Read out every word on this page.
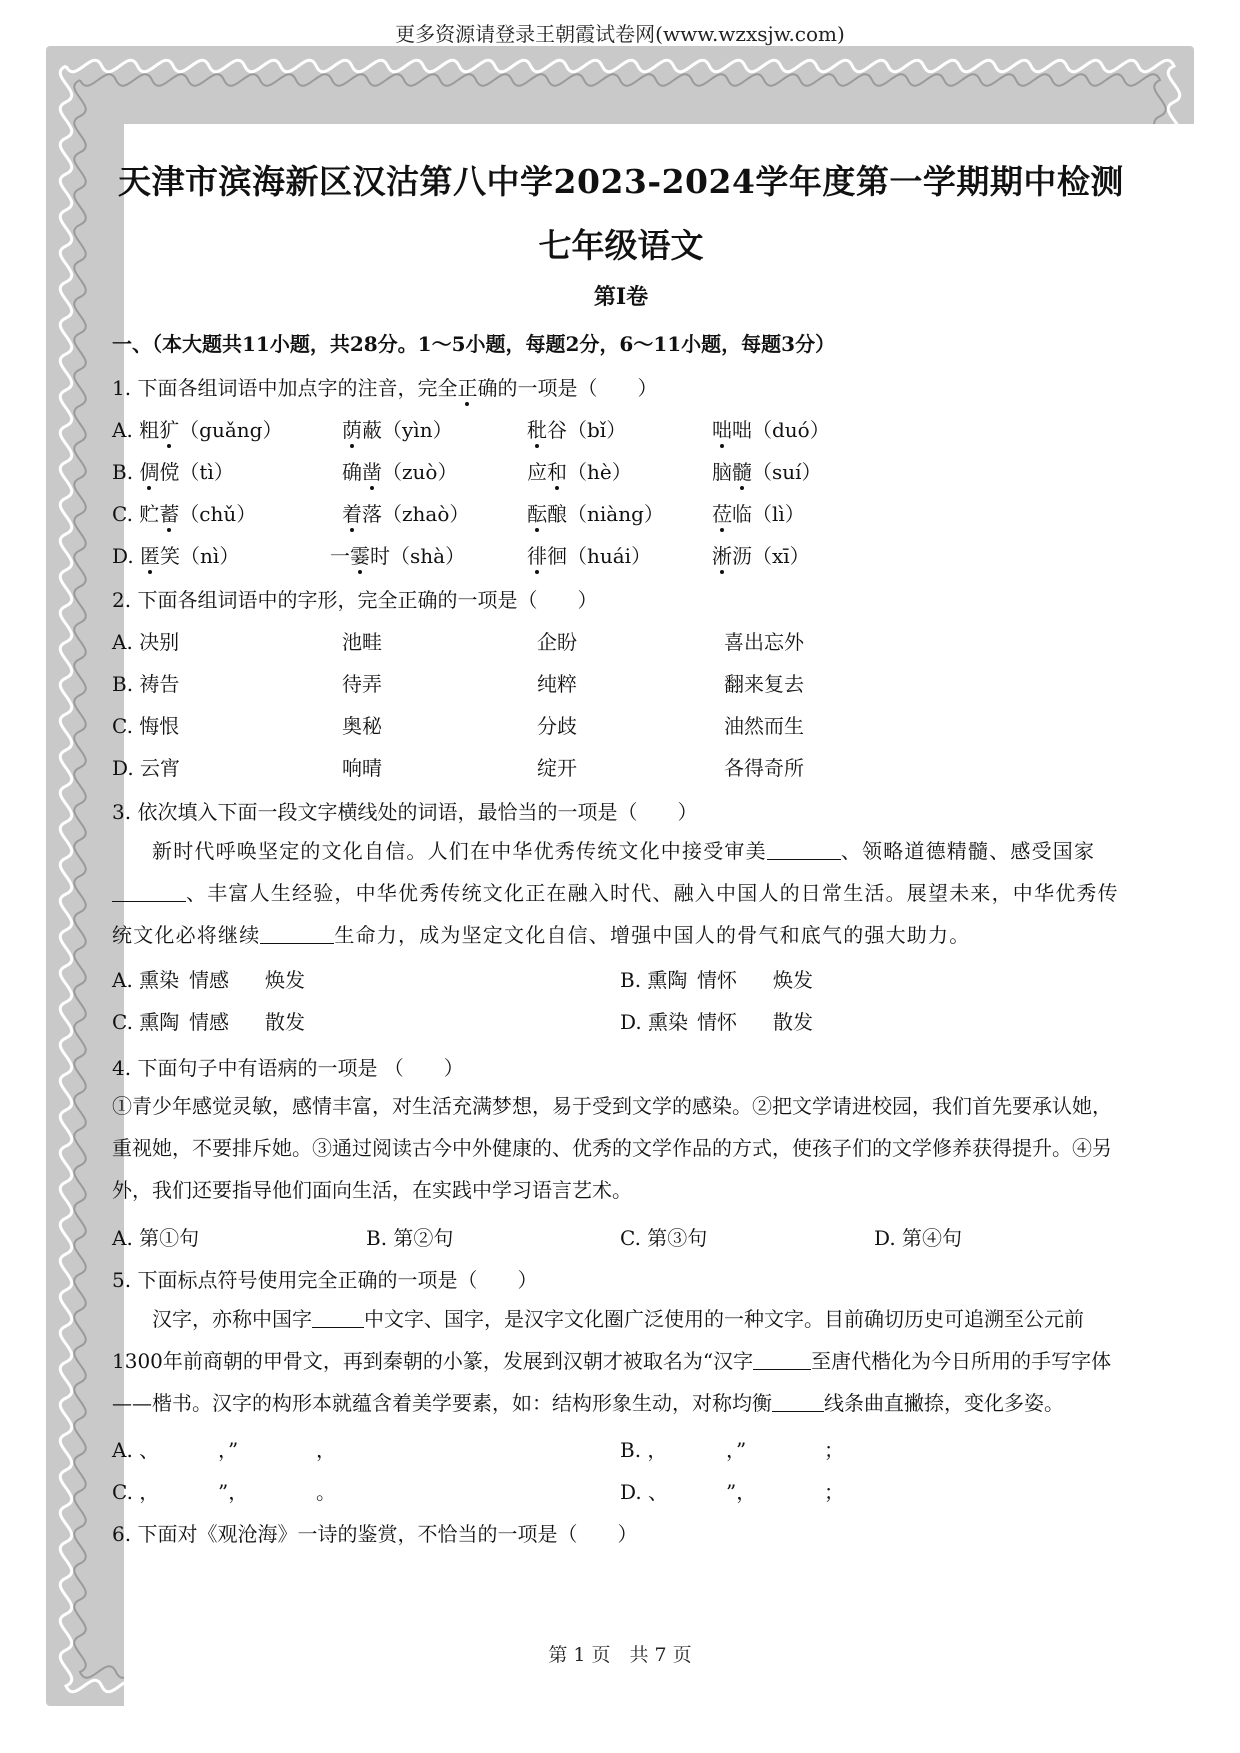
更多资源请登录王朝霞试卷网(www.wzxsjw.com)
天津市滨海新区汉沽第八中学2023-2024学年度第一学期期中检测
七年级语文
第I卷
一、（本大题共11小题，共28分。1～5小题，每题2分，6～11小题，每题3分）
1. 下面各组词语中加点字的注音，完全正确的一项是（　　）
A. 粗犷（guǎng）	荫蔽（yìn）	秕谷（bǐ）	咄咄（duó）
B. 倜傥（tì）	确凿（zuò）	应和（hè）	脑髓（suí）
C. 贮蓄（chǔ）	着落（zhaò）	酝酿（niàng） 莅临（lì）
D. 匿笑（nì）	一霎时（shà）	徘徊（huái）	淅沥（xī）
2. 下面各组词语中的字形，完全正确的一项是（　　）
A. 决别	池畦	企盼	喜出忘外
B. 祷告	待弄	纯粹	翻来复去
C. 悔恨	奥秘	分歧	油然而生
D. 云宵	响晴	绽开	各得奇所
3. 依次填入下面一段文字横线处的词语，最恰当的一项是（　　）
新时代呼唤坚定的文化自信。人们在中华优秀传统文化中接受审美	、领略道德精髓、感受国家、丰富人生经验，中华优秀传统文化正在融入时代、融入中国人的日常生活。展望未来，中华优秀传统文化必将继续	生命力，成为坚定文化自信、增强中国人的骨气和底气的强大助力。
A. 熏染 情感 焕发	B. 熏陶 情怀 焕发
C. 熏陶 情感 散发	D. 熏染 情怀 散发
4. 下面句子中有语病的一项是 （　　）
①青少年感觉灵敏，感情丰富，对生活充满梦想，易于受到文学的感染。②把文学请进校园，我们首先要承认她，重视她，不要排斥她。③通过阅读古今中外健康的、优秀的文学作品的方式，使孩子们的文学修养获得提升。④另外，我们还要指导他们面向生活，在实践中学习语言艺术。
A. 第①句	B. 第②句	C. 第③句	D. 第④句
5. 下面标点符号使用完全正确的一项是（　　）
汉字，亦称中国字	中文字、国字，是汉字文化圈广泛使用的一种文字。目前确切历史可追溯至公元前1300年前商朝的甲骨文，再到秦朝的小篆，发展到汉朝才被取名为“汉字	至唐代楷化为今日所用的手写字体——楷书。汉字的构形本就蕴含着美学要素，如：结构形象生动，对称均衡	线条曲直撇捺，变化多姿。
A. 、	，”	，	B. ，	，”	；
C. ，	”，	。	D. 、	”，	；
6. 下面对《观沧海》一诗的鉴赏，不恰当的一项是（　　）
第 1 页　共 7 页
